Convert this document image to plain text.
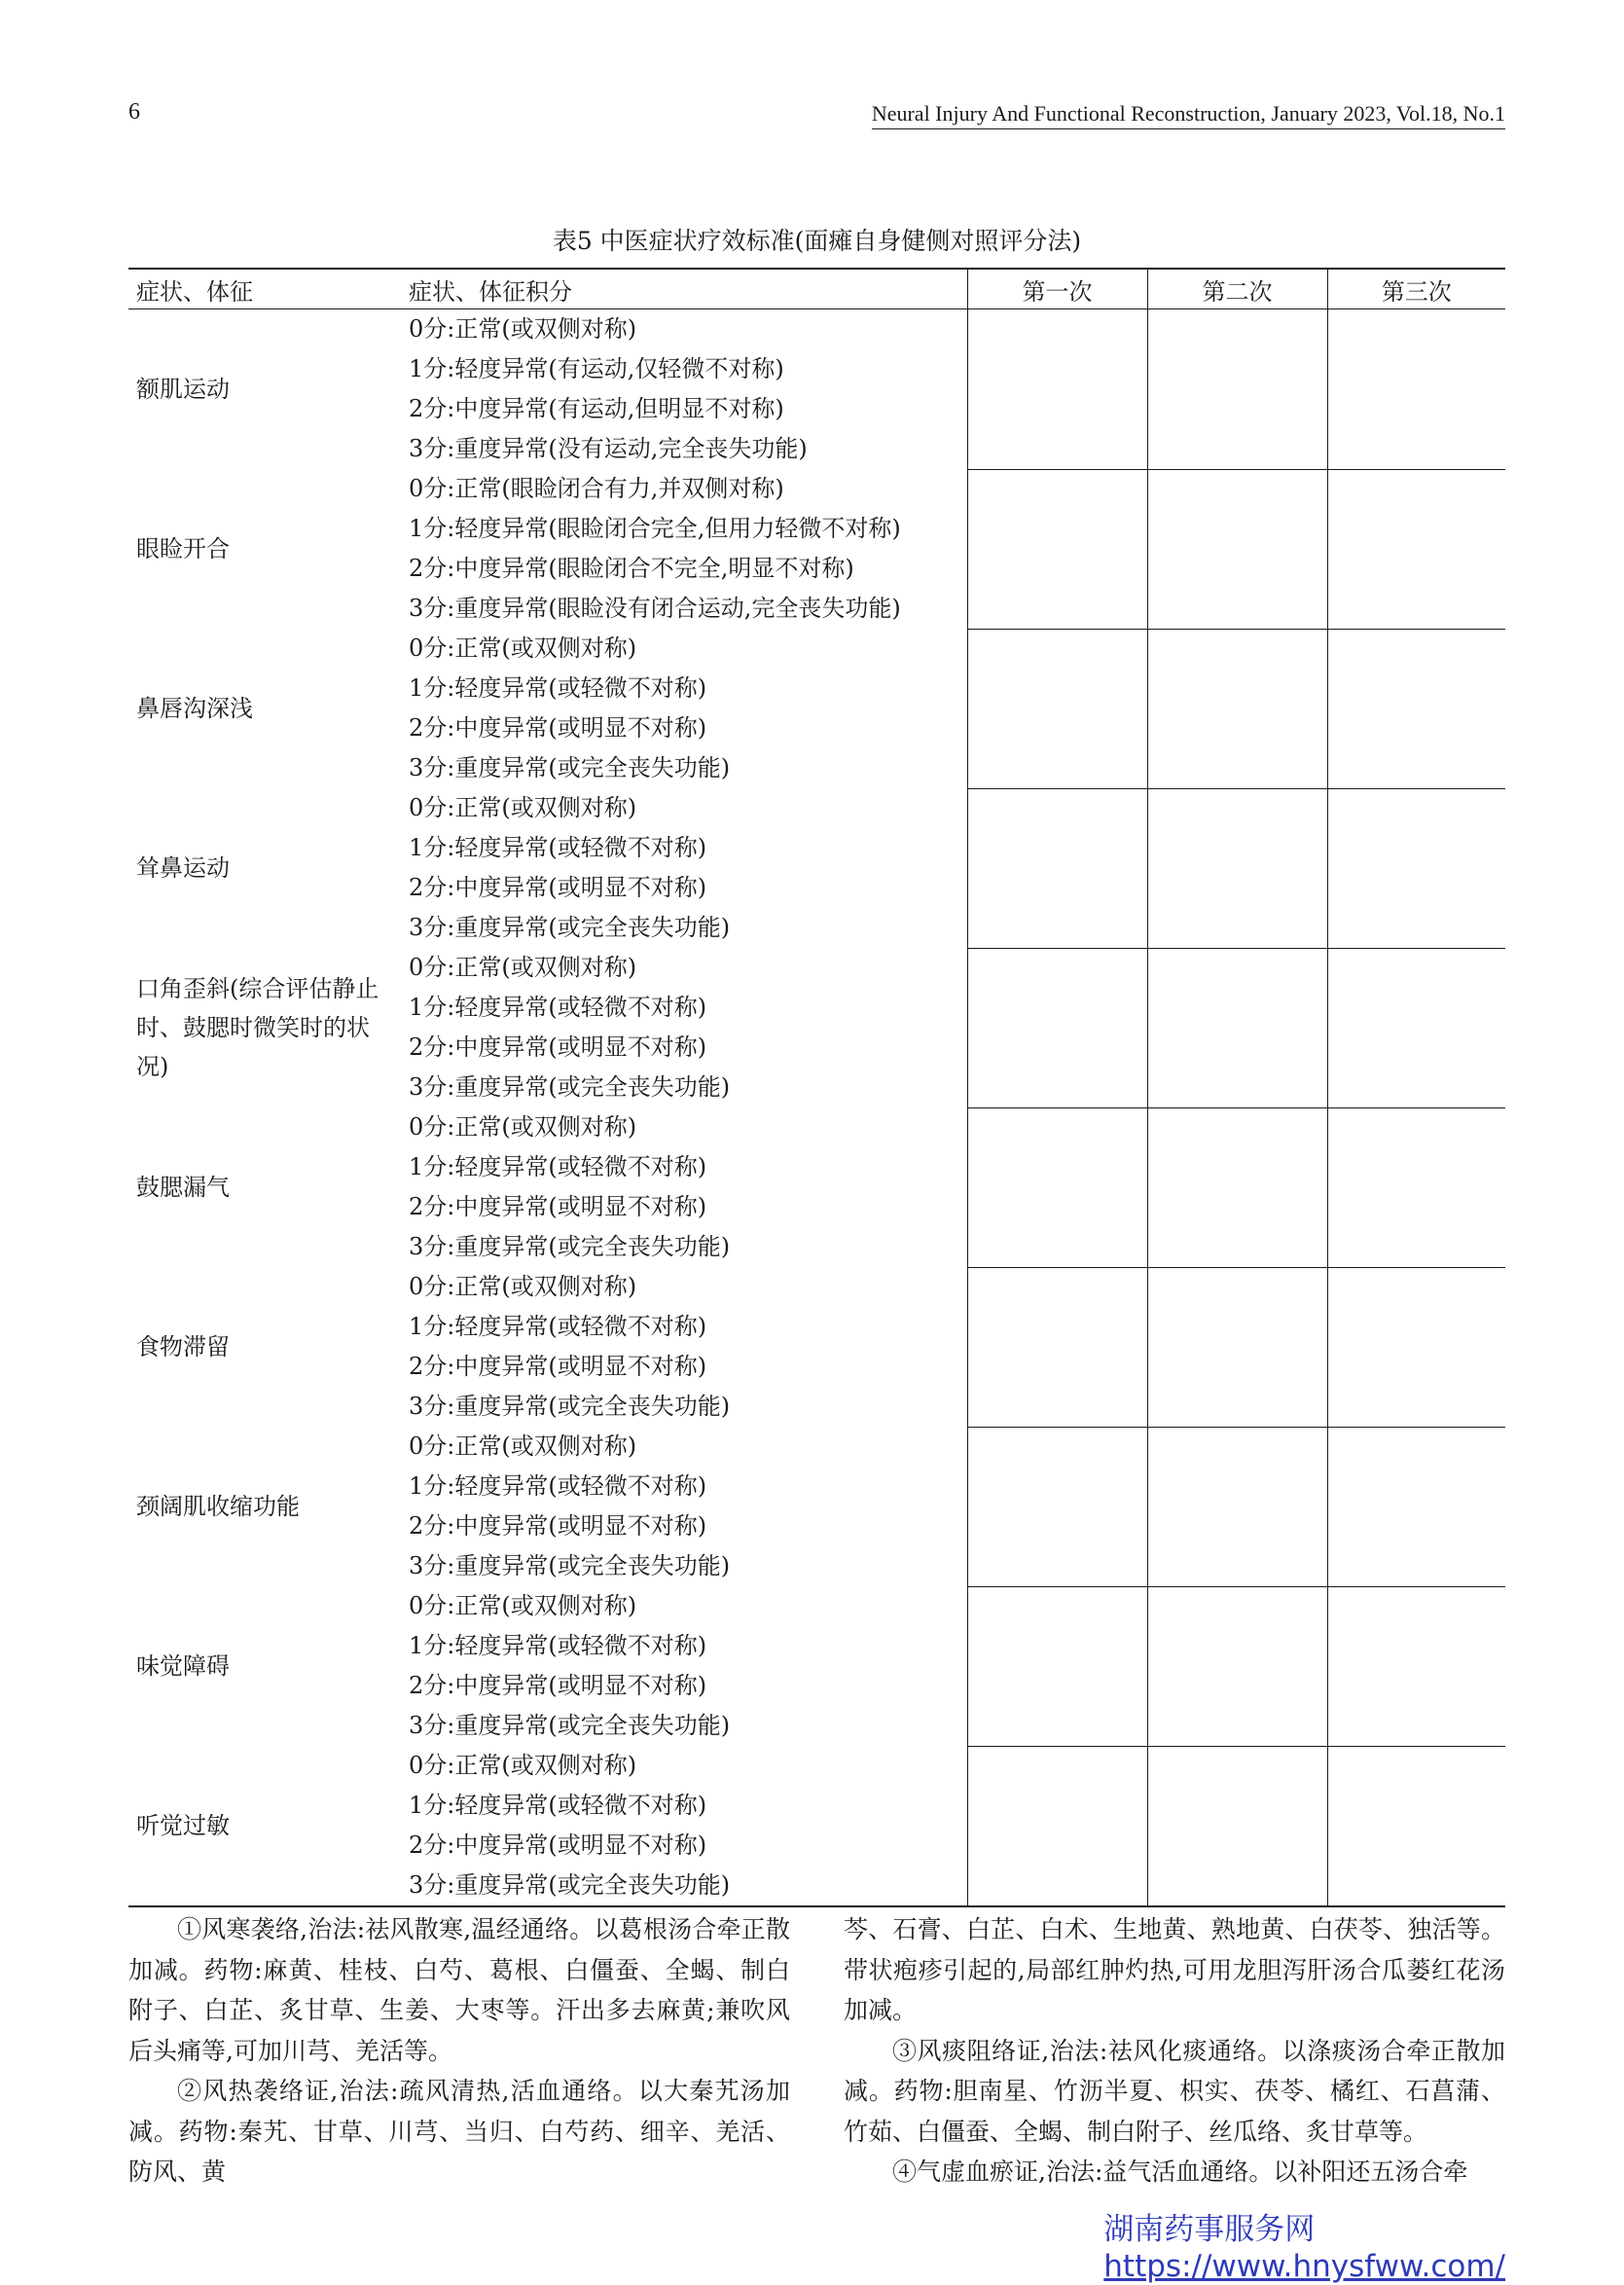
6	Neural Injury And Functional Reconstruction, January 2023, Vol.18, No.1
表5 中医症状疗效标准(面瘫自身健侧对照评分法)
症状、体征	症状、体征积分	第一次	第二次	第三次
额肌运动	0分:正常(或双侧对称)
1分:轻度异常(有运动,仅轻微不对称)
2分:中度异常(有运动,但明显不对称)
3分:重度异常(没有运动,完全丧失功能)			

眼睑开合	0分:正常(眼睑闭合有力,并双侧对称)
1分:轻度异常(眼睑闭合完全,但用力轻微不对称)
2分:中度异常(眼睑闭合不完全,明显不对称)
3分:重度异常(眼睑没有闭合运动,完全丧失功能)			

鼻唇沟深浅	0分:正常(或双侧对称)
1分:轻度异常(或轻微不对称)
2分:中度异常(或明显不对称)
3分:重度异常(或完全丧失功能)			

耸鼻运动	0分:正常(或双侧对称)
1分:轻度异常(或轻微不对称)
2分:中度异常(或明显不对称)
3分:重度异常(或完全丧失功能)			

口角歪斜(综合评估静止时、鼓腮时微笑时的状况)	0分:正常(或双侧对称)
1分:轻度异常(或轻微不对称)
2分:中度异常(或明显不对称)
3分:重度异常(或完全丧失功能)			

鼓腮漏气	0分:正常(或双侧对称)
1分:轻度异常(或轻微不对称)
2分:中度异常(或明显不对称)
3分:重度异常(或完全丧失功能)			

食物滞留	0分:正常(或双侧对称)
1分:轻度异常(或轻微不对称)
2分:中度异常(或明显不对称)
3分:重度异常(或完全丧失功能)			

颈阔肌收缩功能	0分:正常(或双侧对称)
1分:轻度异常(或轻微不对称)
2分:中度异常(或明显不对称)
3分:重度异常(或完全丧失功能)			

味觉障碍	0分:正常(或双侧对称)
1分:轻度异常(或轻微不对称)
2分:中度异常(或明显不对称)
3分:重度异常(或完全丧失功能)			

听觉过敏	0分:正常(或双侧对称)
1分:轻度异常(或轻微不对称)
2分:中度异常(或明显不对称)
3分:重度异常(或完全丧失功能)			

①风寒袭络,治法:祛风散寒,温经通络。以葛根汤合牵正散加减。药物:麻黄、桂枝、白芍、葛根、白僵蚕、全蝎、制白附子、白芷、炙甘草、生姜、大枣等。汗出多去麻黄;兼吹风后头痛等,可加川芎、羌活等。

②风热袭络证,治法:疏风清热,活血通络。以大秦艽汤加减。药物:秦艽、甘草、川芎、当归、白芍药、细辛、羌活、防风、黄

芩、石膏、白芷、白术、生地黄、熟地黄、白茯苓、独活等。带状疱疹引起的,局部红肿灼热,可用龙胆泻肝汤合瓜蒌红花汤加减。

③风痰阻络证,治法:祛风化痰通络。以涤痰汤合牵正散加减。药物:胆南星、竹沥半夏、枳实、茯苓、橘红、石菖蒲、竹茹、白僵蚕、全蝎、制白附子、丝瓜络、炙甘草等。

④气虚血瘀证,治法:益气活血通络。以补阳还五汤合牵

湖南药事服务网
https://www.hnysfww.com/
